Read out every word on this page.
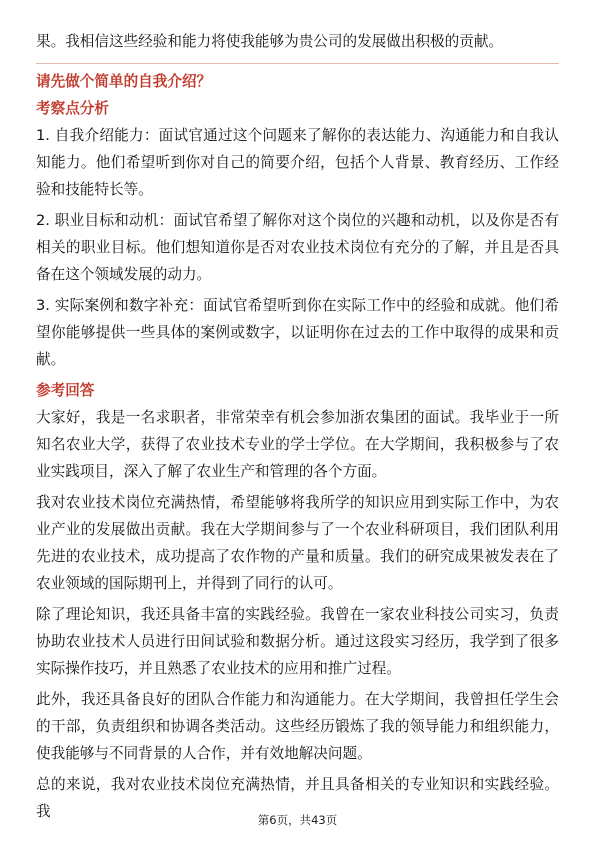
果。我相信这些经验和能力将使我能够为贵公司的发展做出积极的贡献。

请先做个简单的自我介绍？

考察点分析

1. 自我介绍能力：面试官通过这个问题来了解你的表达能力、沟通能力和自我认知能力。他们希望听到你对自己的简要介绍，包括个人背景、教育经历、工作经验和技能特长等。

2. 职业目标和动机：面试官希望了解你对这个岗位的兴趣和动机，以及你是否有相关的职业目标。他们想知道你是否对农业技术岗位有充分的了解，并且是否具备在这个领域发展的动力。

3. 实际案例和数字补充：面试官希望听到你在实际工作中的经验和成就。他们希望你能够提供一些具体的案例或数字，以证明你在过去的工作中取得的成果和贡献。

参考回答

大家好，我是一名求职者，非常荣幸有机会参加浙农集团的面试。我毕业于一所知名农业大学，获得了农业技术专业的学士学位。在大学期间，我积极参与了农业实践项目，深入了解了农业生产和管理的各个方面。

我对农业技术岗位充满热情，希望能够将我所学的知识应用到实际工作中，为农业产业的发展做出贡献。我在大学期间参与了一个农业科研项目，我们团队利用先进的农业技术，成功提高了农作物的产量和质量。我们的研究成果被发表在了农业领域的国际期刊上，并得到了同行的认可。

除了理论知识，我还具备丰富的实践经验。我曾在一家农业科技公司实习，负责协助农业技术人员进行田间试验和数据分析。通过这段实习经历，我学到了很多实际操作技巧，并且熟悉了农业技术的应用和推广过程。

此外，我还具备良好的团队合作能力和沟通能力。在大学期间，我曾担任学生会的干部，负责组织和协调各类活动。这些经历锻炼了我的领导能力和组织能力，使我能够与不同背景的人合作，并有效地解决问题。

总的来说，我对农业技术岗位充满热情，并且具备相关的专业知识和实践经验。我	第6页，共43页
